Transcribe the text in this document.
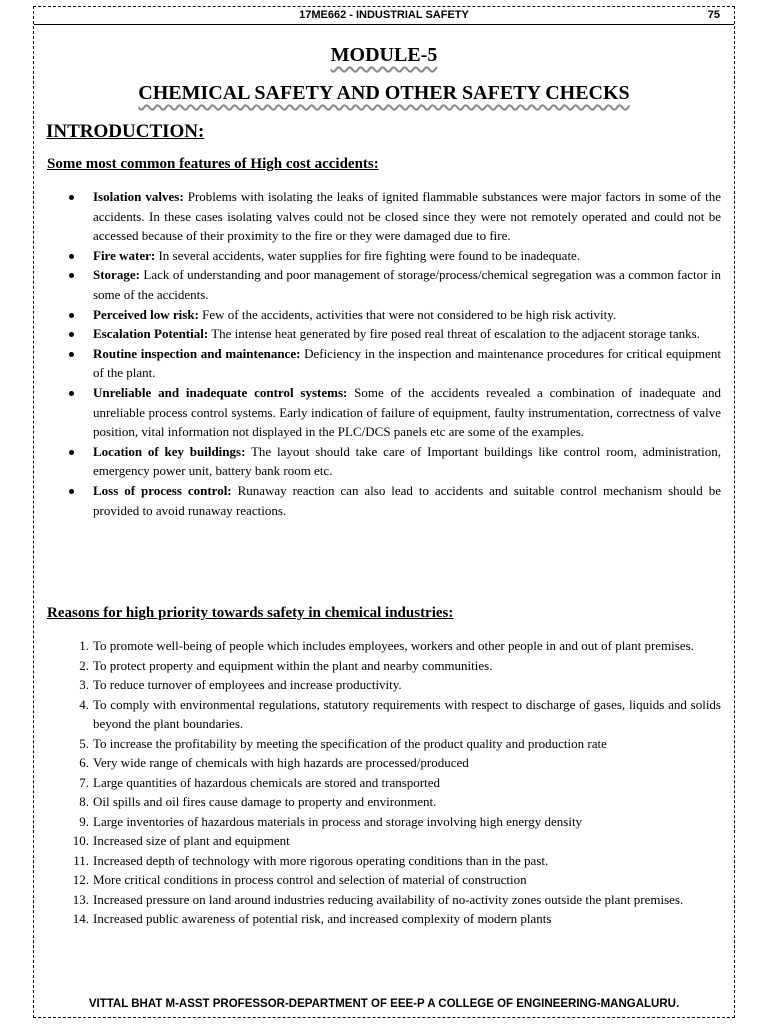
17ME662 - INDUSTRIAL SAFETY	75
MODULE-5
CHEMICAL SAFETY AND OTHER SAFETY CHECKS
INTRODUCTION:
Some most common features of High cost accidents:
Isolation valves: Problems with isolating the leaks of ignited flammable substances were major factors in some of the accidents. In these cases isolating valves could not be closed since they were not remotely operated and could not be accessed because of their proximity to the fire or they were damaged due to fire.
Fire water: In several accidents, water supplies for fire fighting were found to be inadequate.
Storage: Lack of understanding and poor management of storage/process/chemical segregation was a common factor in some of the accidents.
Perceived low risk: Few of the accidents, activities that were not considered to be high risk activity.
Escalation Potential: The intense heat generated by fire posed real threat of escalation to the adjacent storage tanks.
Routine inspection and maintenance: Deficiency in the inspection and maintenance procedures for critical equipment of the plant.
Unreliable and inadequate control systems: Some of the accidents revealed a combination of inadequate and unreliable process control systems. Early indication of failure of equipment, faulty instrumentation, correctness of valve position, vital information not displayed in the PLC/DCS panels etc are some of the examples.
Location of key buildings: The layout should take care of Important buildings like control room, administration, emergency power unit, battery bank room etc.
Loss of process control: Runaway reaction can also lead to accidents and suitable control mechanism should be provided to avoid runaway reactions.
Reasons for high priority towards safety in chemical industries:
1. To promote well-being of people which includes employees, workers and other people in and out of plant premises.
2. To protect property and equipment within the plant and nearby communities.
3. To reduce turnover of employees and increase productivity.
4. To comply with environmental regulations, statutory requirements with respect to discharge of gases, liquids and solids beyond the plant boundaries.
5. To increase the profitability by meeting the specification of the product quality and production rate
6. Very wide range of chemicals with high hazards are processed/produced
7. Large quantities of hazardous chemicals are stored and transported
8. Oil spills and oil fires cause damage to property and environment.
9. Large inventories of hazardous materials in process and storage involving high energy density
10. Increased size of plant and equipment
11. Increased depth of technology with more rigorous operating conditions than in the past.
12. More critical conditions in process control and selection of material of construction
13. Increased pressure on land around industries reducing availability of no-activity zones outside the plant premises.
14. Increased public awareness of potential risk, and increased complexity of modern plants
VITTAL BHAT M-ASST PROFESSOR-DEPARTMENT OF EEE-P A COLLEGE OF ENGINEERING-MANGALURU.
